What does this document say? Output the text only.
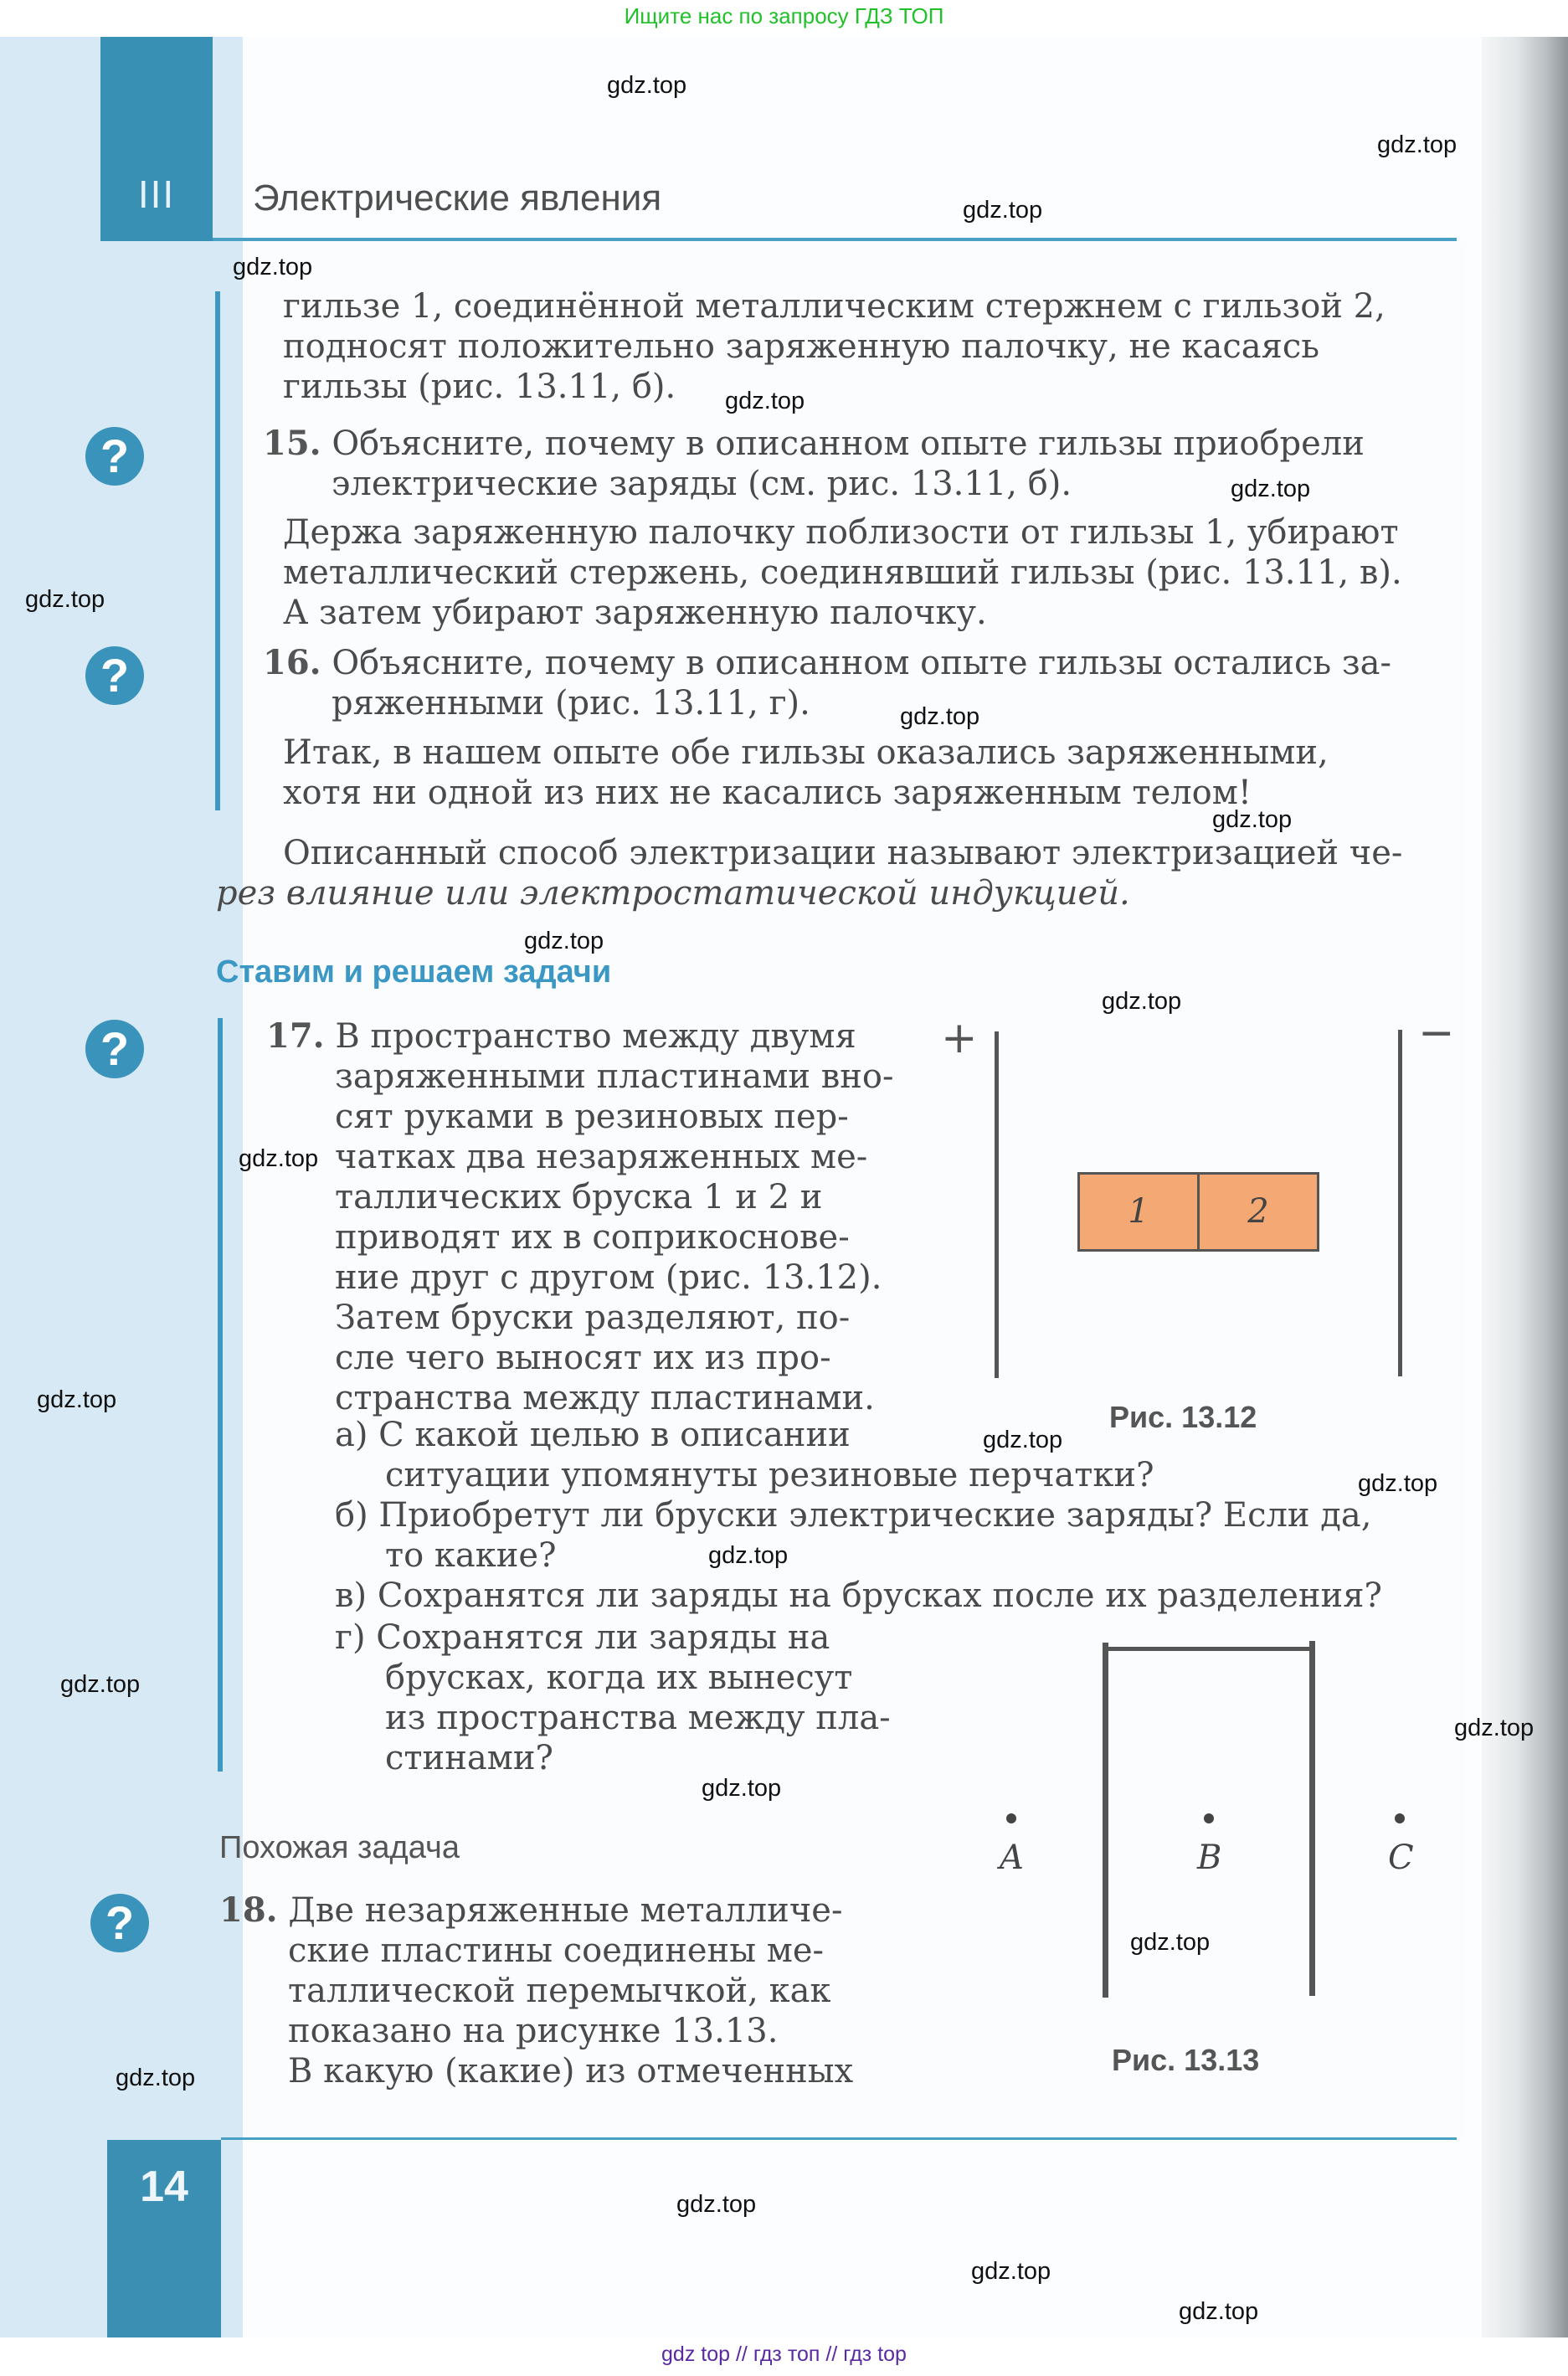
Ищите нас по запросу ГДЗ ТОП
III	Электрические явления
?
?
?
?
гильзе 1, соединённой металлическим стержнем с гильзой 2,
подносят положительно заряженную палочку, не касаясь
гильзы (рис. 13.11, б).
15. Объясните, почему в описанном опыте гильзы приобрели
электрические заряды (см. рис. 13.11, б).
Держа заряженную палочку поблизости от гильзы 1, убирают
металлический стержень, соединявший гильзы (рис. 13.11, в).
А затем убирают заряженную палочку.
16. Объясните, почему в описанном опыте гильзы остались за-
ряженными (рис. 13.11, г).
Итак, в нашем опыте обе гильзы оказались заряженными,
хотя ни одной из них не касались заряженным телом!
Описанный способ электризации называют электризацией че-
рез влияние или электростатической индукцией.
Ставим и решаем задачи
17. В пространство между двумя
заряженными пластинами вно-
сят руками в резиновых пер-
чатках два незаряженных ме-
таллических бруска 1 и 2 и
приводят их в соприкоснове-
ние друг с другом (рис. 13.12).
Затем бруски разделяют, по-
сле чего выносят их из про-
странства между пластинами.
а) С какой целью в описании
ситуации упомянуты резиновые перчатки?
б) Приобретут ли бруски электрические заряды? Если да,
то какие?
в) Сохранятся ли заряды на брусках после их разделения?
г) Сохранятся ли заряды на
брусках, когда их вынесут
из пространства между пла-
стинами?
Похожая задача
18. Две незаряженные металличе-
ские пластины соединены ме-
таллической перемычкой, как
показано на рисунке 13.13.
В какую (какие) из отмеченных
+	−
1	2
Рис. 13.12
A	B	C
Рис. 13.13
14
gdz top // гдз топ // гдз top
gdz.top
gdz.top
gdz.top
gdz.top
gdz.top
gdz.top
gdz.top
gdz.top
gdz.top
gdz.top
gdz.top
gdz.top
gdz.top
gdz.top
gdz.top
gdz.top
gdz.top
gdz.top
gdz.top
gdz.top
gdz.top
gdz.top
gdz.top
gdz.top
